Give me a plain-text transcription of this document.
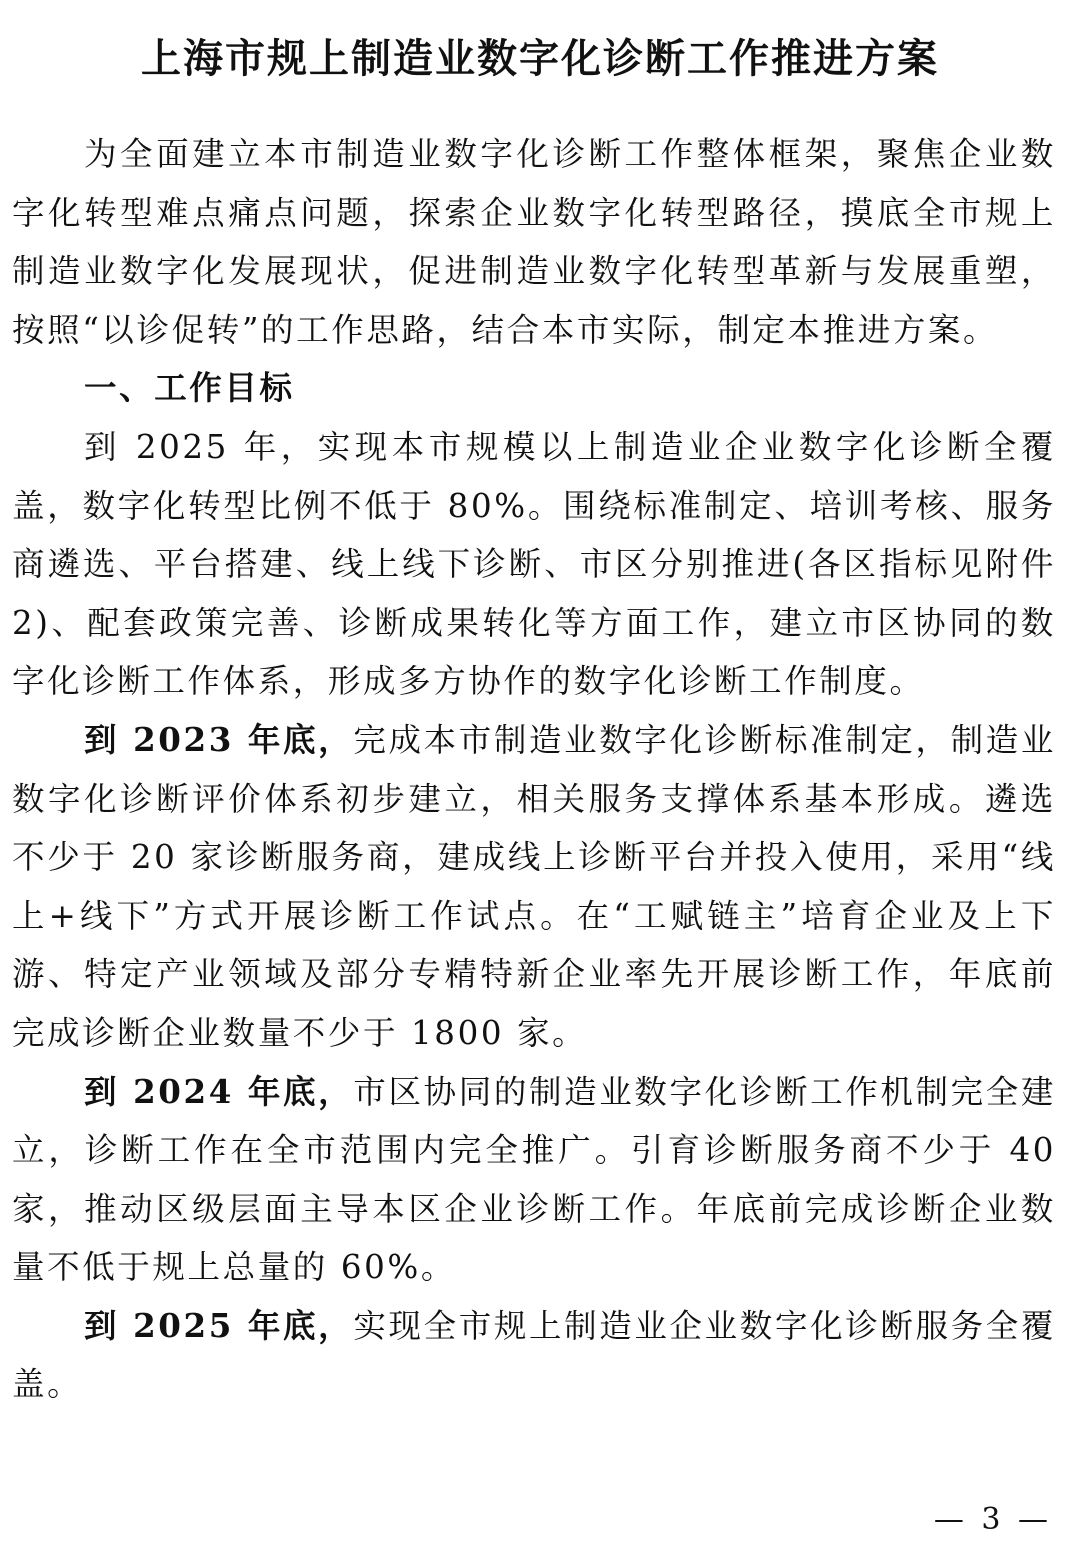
上海市规上制造业数字化诊断工作推进方案

为全面建立本市制造业数字化诊断工作整体框架，聚焦企业数字化转型难点痛点问题，探索企业数字化转型路径，摸底全市规上制造业数字化发展现状，促进制造业数字化转型革新与发展重塑，按照“以诊促转”的工作思路，结合本市实际，制定本推进方案。

一、工作目标

到 2025 年，实现本市规模以上制造业企业数字化诊断全覆盖，数字化转型比例不低于 80%。围绕标准制定、培训考核、服务商遴选、平台搭建、线上线下诊断、市区分别推进(各区指标见附件 2)、配套政策完善、诊断成果转化等方面工作，建立市区协同的数字化诊断工作体系，形成多方协作的数字化诊断工作制度。

到 2023 年底，完成本市制造业数字化诊断标准制定，制造业数字化诊断评价体系初步建立，相关服务支撑体系基本形成。遴选不少于 20 家诊断服务商，建成线上诊断平台并投入使用，采用“线上+线下”方式开展诊断工作试点。在“工赋链主”培育企业及上下游、特定产业领域及部分专精特新企业率先开展诊断工作，年底前完成诊断企业数量不少于 1800 家。

到 2024 年底，市区协同的制造业数字化诊断工作机制完全建立，诊断工作在全市范围内完全推广。引育诊断服务商不少于 40 家，推动区级层面主导本区企业诊断工作。年底前完成诊断企业数量不低于规上总量的 60%。

到 2025 年底，实现全市规上制造业企业数字化诊断服务全覆盖。

— 3 —
